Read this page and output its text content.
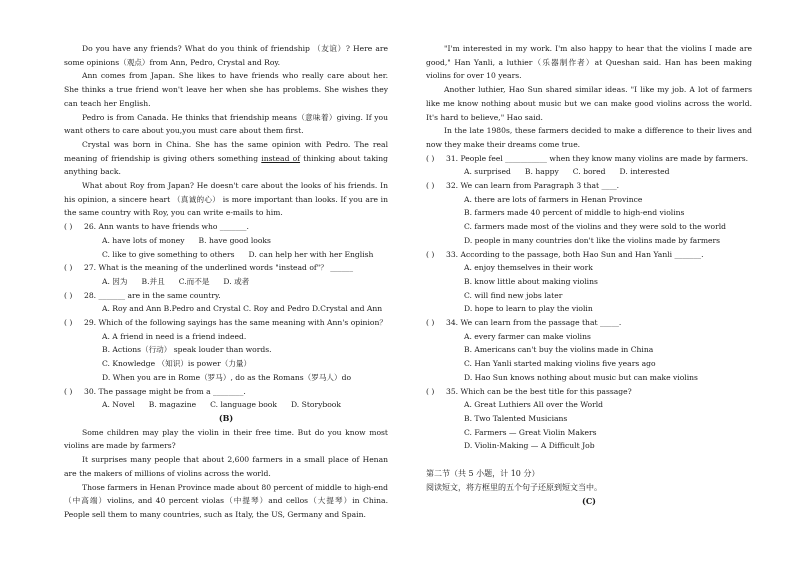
Do you have any friends? What do you think of friendship （友谊）? Here are some opinions（观点）from Ann, Pedro, Crystal and Roy.

Ann comes from Japan. She likes to have friends who really care about her. She thinks a true friend won't leave her when she has problems. She wishes they can teach her English.

Pedro is from Canada. He thinks that friendship means（意味着）giving. If you want others to care about you,you must care about them first.

Crystal was born in China. She has the same opinion with Pedro. The real meaning of friendship is giving others something instead of thinking about taking anything back.

What about Roy from Japan? He doesn't care about the looks of his friends. In his opinion, a sincere heart （真诚的心） is more important than looks. If you are in the same country with Roy, you can write e-mails to him.

( )	26. Ann wants to have friends who _______.

A. have lots of money B. have good looks

C. like to give something to others D. can help her with her English

( )	27. What is the meaning of the underlined words "instead of"？ ______

A. 因为 B.并且 C.而不是 D. 或者

( )	28. _______ are in the same country.

A. Roy and Ann B.Pedro and Crystal C. Roy and Pedro D.Crystal and Ann

( )	29. Which of the following sayings has the same meaning with Ann's opinion？

A. A friend in need is a friend indeed.

B. Actions（行动） speak louder than words.

C. Knowledge （知识）is power（力量）

D. When you are in Rome（罗马）, do as the Romans（罗马人）do

( )	30. The passage might be from a ________.

A. Novel B. magazine C. language book D. Storybook

(B)

Some children may play the violin in their free time. But do you know most violins are made by farmers?

It surprises many people that about 2,600 farmers in a small place of Henan are the makers of millions of violins across the world.

Those farmers in Henan Province made about 80 percent of middle to high-end（中高端）violins, and 40 percent violas（中提琴）and cellos（大提琴）in China. People sell them to many countries, such as Italy, the US, Germany and Spain.

"I'm interested in my work. I'm also happy to hear that the violins I made are good," Han Yanli, a luthier（乐器制作者）at Queshan said. Han has been making violins for over 10 years.

Another luthier, Hao Sun shared similar ideas. "I like my job. A lot of farmers like me know nothing about music but we can make good violins across the world. It's hard to believe," Hao said.

In the late 1980s, these farmers decided to make a difference to their lives and now they make their dreams come true.

( )	31. People feel ___________ when they know many violins are made by farmers.

A. surprised B. happy C. bored D. interested

( )	32. We can learn from Paragraph 3 that ____.

A. there are lots of farmers in Henan Province

B. farmers made 40 percent of middle to high-end violins

C. farmers made most of the violins and they were sold to the world

D. people in many countries don't like the violins made by farmers

( )	33. According to the passage, both Hao Sun and Han Yanli _______.

A. enjoy themselves in their work

B. know little about making violins

C. will find new jobs later

D. hope to learn to play the violin

( )	34. We can learn from the passage that _____.

A. every farmer can make violins

B. Americans can't buy the violins made in China

C. Han Yanli started making violins five years ago

D. Hao Sun knows nothing about music but can make violins

( )	35. Which can be the best title for this passage?

A. Great Luthiers All over the World

B. Two Talented Musicians

C. Farmers — Great Violin Makers

D. Violin-Making — A Difficult Job

第二节（共 5 小题，计 10 分）

阅读短文，将方框里的五个句子还原到短文当中。

(C)
